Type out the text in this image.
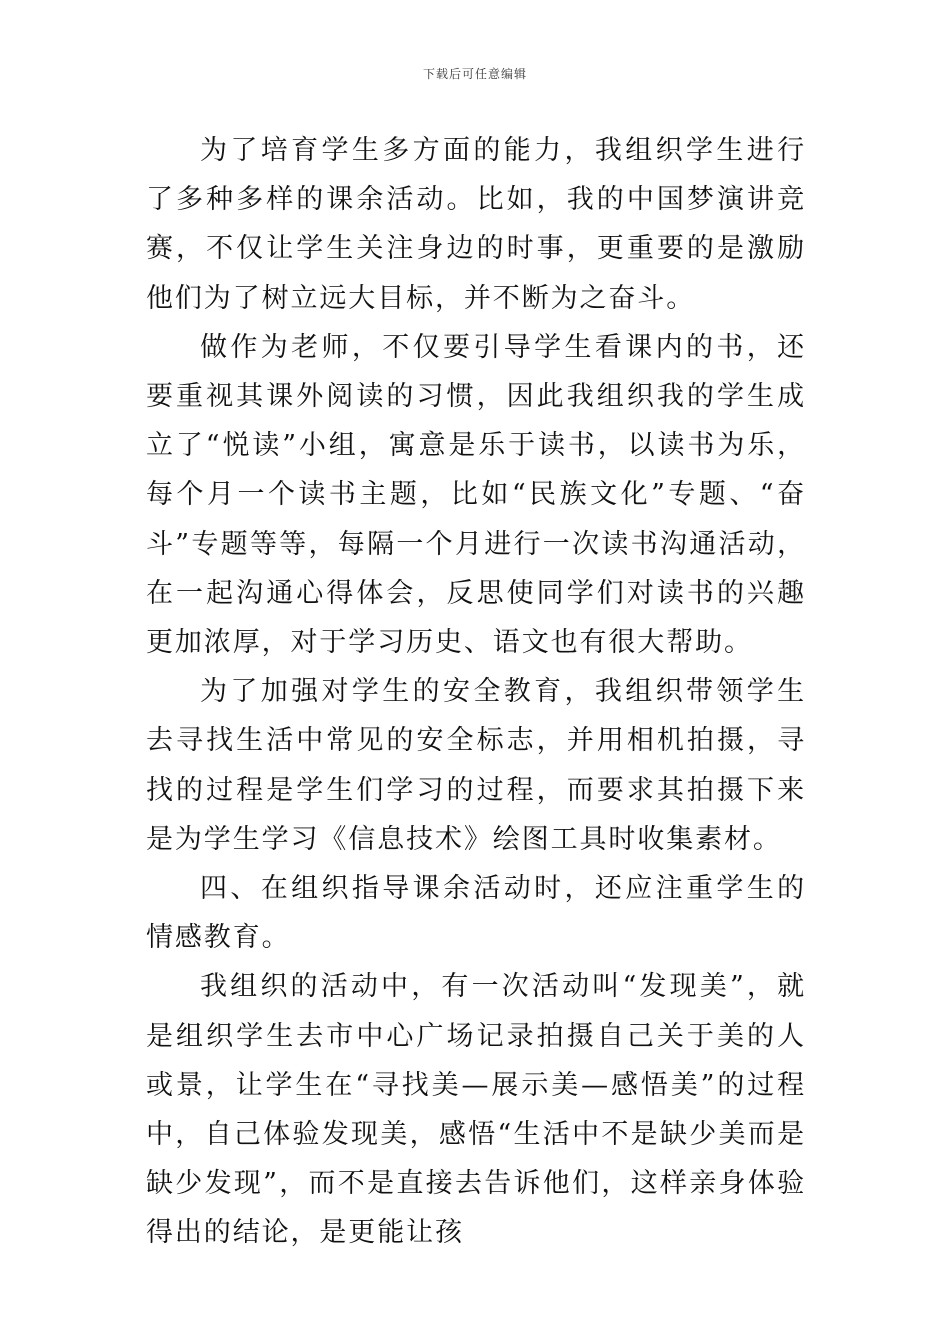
下载后可任意编辑

为了培育学生多方面的能力，我组织学生进行了多种多样的课余活动。比如，我的中国梦演讲竞赛，不仅让学生关注身边的时事，更重要的是激励他们为了树立远大目标，并不断为之奋斗。

做作为老师，不仅要引导学生看课内的书，还要重视其课外阅读的习惯，因此我组织我的学生成立了“悦读”小组，寓意是乐于读书，以读书为乐，每个月一个读书主题，比如“民族文化”专题、“奋斗”专题等等，每隔一个月进行一次读书沟通活动，在一起沟通心得体会，反思使同学们对读书的兴趣更加浓厚，对于学习历史、语文也有很大帮助。

为了加强对学生的安全教育，我组织带领学生去寻找生活中常见的安全标志，并用相机拍摄，寻找的过程是学生们学习的过程，而要求其拍摄下来是为学生学习《信息技术》绘图工具时收集素材。

四、在组织指导课余活动时，还应注重学生的情感教育。

我组织的活动中，有一次活动叫“发现美”，就是组织学生去市中心广场记录拍摄自己关于美的人或景，让学生在“寻找美—展示美—感悟美”的过程中，自己体验发现美，感悟“生活中不是缺少美而是缺少发现”，而不是直接去告诉他们，这样亲身体验得出的结论，是更能让孩
